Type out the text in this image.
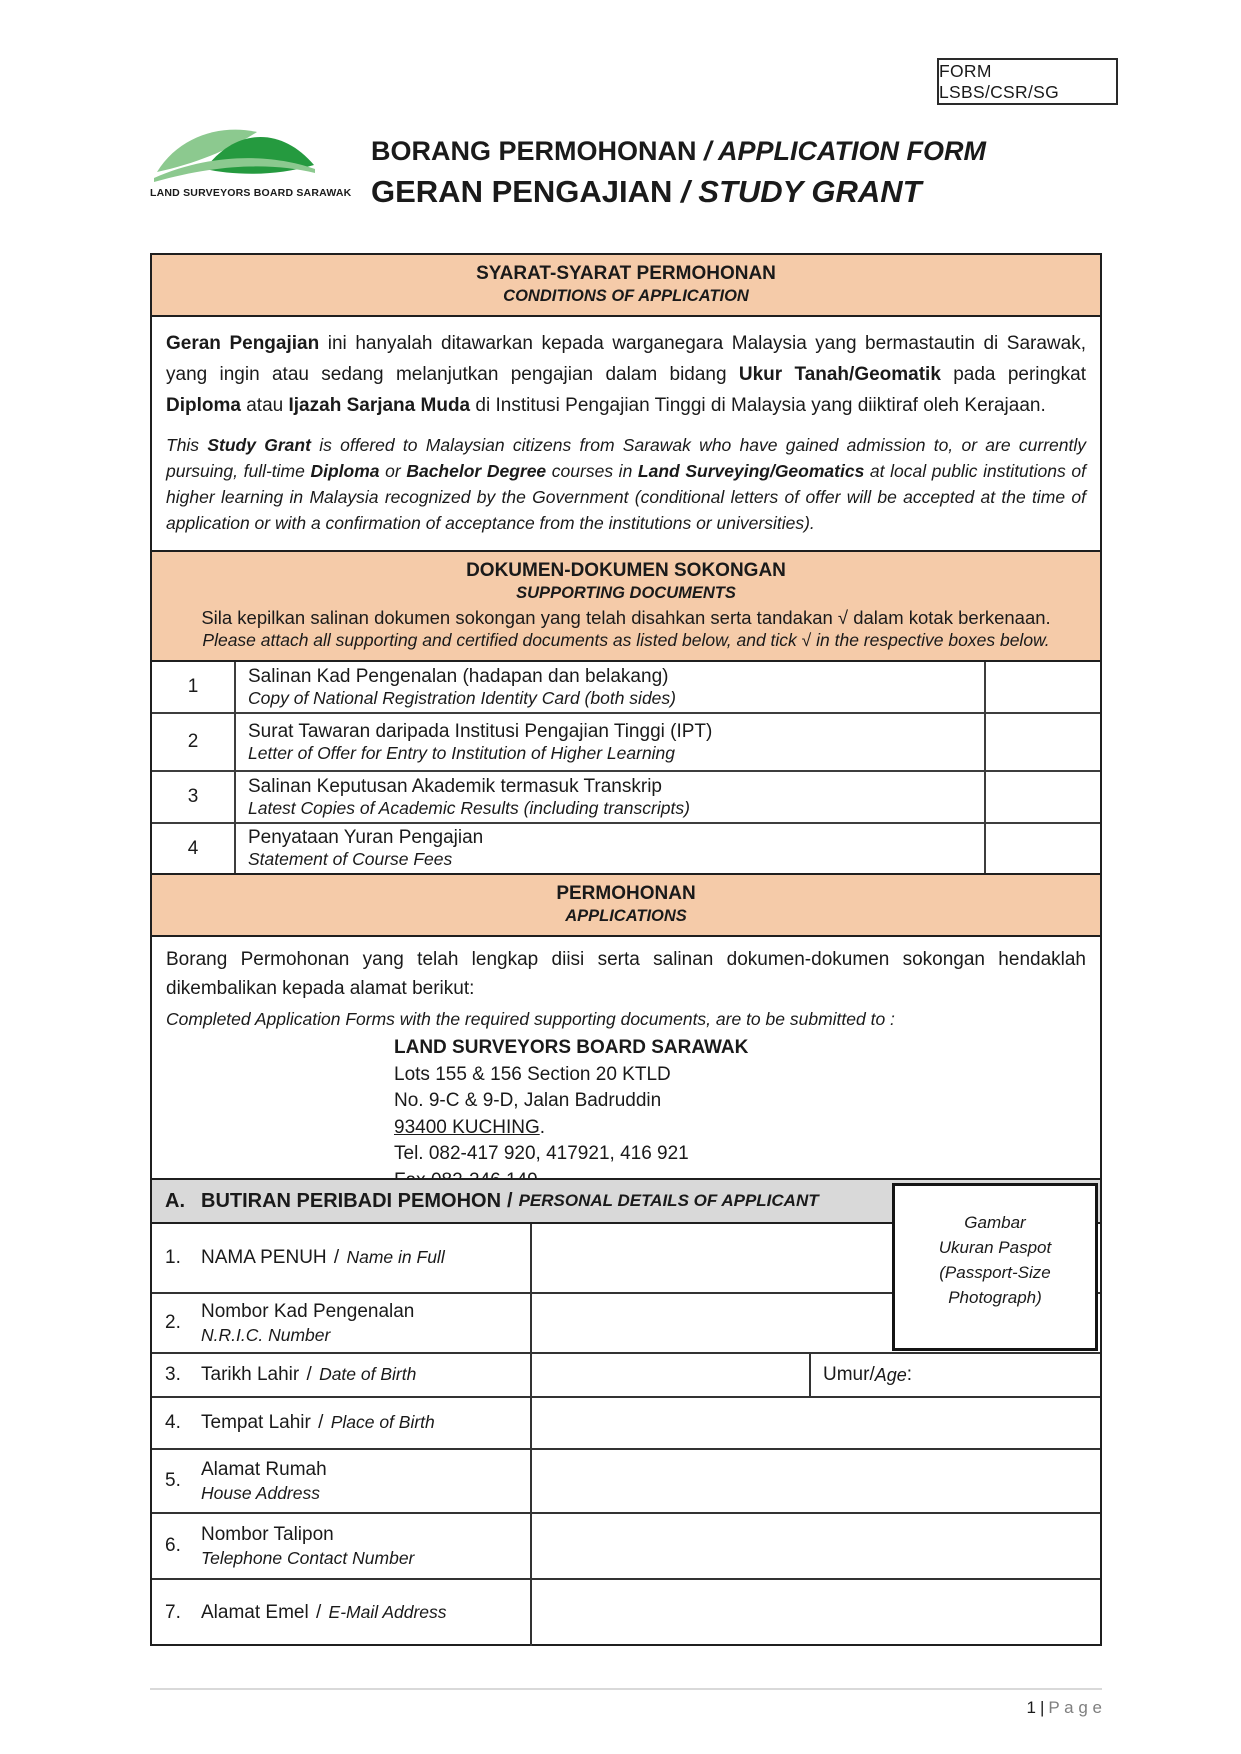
FORM LSBS/CSR/SG
LAND SURVEYORS BOARD SARAWAK
BORANG PERMOHONAN / APPLICATION FORM
GERAN PENGAJIAN / STUDY GRANT
SYARAT-SYARAT PERMOHONAN
CONDITIONS OF APPLICATION

Geran Pengajian ini hanyalah ditawarkan kepada warganegara Malaysia yang bermastautin di Sarawak, yang ingin atau sedang melanjutkan pengajian dalam bidang Ukur Tanah/Geomatik pada peringkat Diploma atau Ijazah Sarjana Muda di Institusi Pengajian Tinggi di Malaysia yang diiktiraf oleh Kerajaan.

This Study Grant is offered to Malaysian citizens from Sarawak who have gained admission to, or are currently pursuing, full-time Diploma or Bachelor Degree courses in Land Surveying/Geomatics at local public institutions of higher learning in Malaysia recognized by the Government (conditional letters of offer will be accepted at the time of application or with a confirmation of acceptance from the institutions or universities).

DOKUMEN-DOKUMEN SOKONGAN
SUPPORTING DOCUMENTS
Sila kepilkan salinan dokumen sokongan yang telah disahkan serta tandakan √ dalam kotak berkenaan.
Please attach all supporting and certified documents as listed below, and tick √ in the respective boxes below.
1	Salinan Kad Pengenalan (hadapan dan belakang)
Copy of National Registration Identity Card (both sides)
2	Surat Tawaran daripada Institusi Pengajian Tinggi (IPT)
Letter of Offer for Entry to Institution of Higher Learning
3	Salinan Keputusan Akademik termasuk Transkrip
Latest Copies of Academic Results (including transcripts)
4	Penyataan Yuran Pengajian
Statement of Course Fees
PERMOHONAN
APPLICATIONS

Borang Permohonan yang telah lengkap diisi serta salinan dokumen-dokumen sokongan hendaklah dikembalikan kepada alamat berikut:

Completed Application Forms with the required supporting documents, are to be submitted to :

LAND SURVEYORS BOARD SARAWAK
Lots 155 & 156 Section 20 KTLD
No. 9-C & 9-D, Jalan Badruddin
93400 KUCHING.
Tel. 082-417 920, 417921, 416 921
A. BUTIRAN PERIBADI PEMOHON / PERSONAL DETAILS OF APPLICANT
1.	NAMA PENUH / Name in Full
2.
Nombor Kad Pengenalan
N.R.I.C. Number
3.	Tarikh Lahir / Date of Birth	Umur / Age :
4.	Tempat Lahir / Place of Birth
5.
Alamat Rumah
House Address
6.
Nombor Talipon
Telephone Contact Number
7.	Alamat Emel / E-Mail Address
Gambar
Ukuran Paspot
(Passport-Size
Photograph)
1 | P a g e
